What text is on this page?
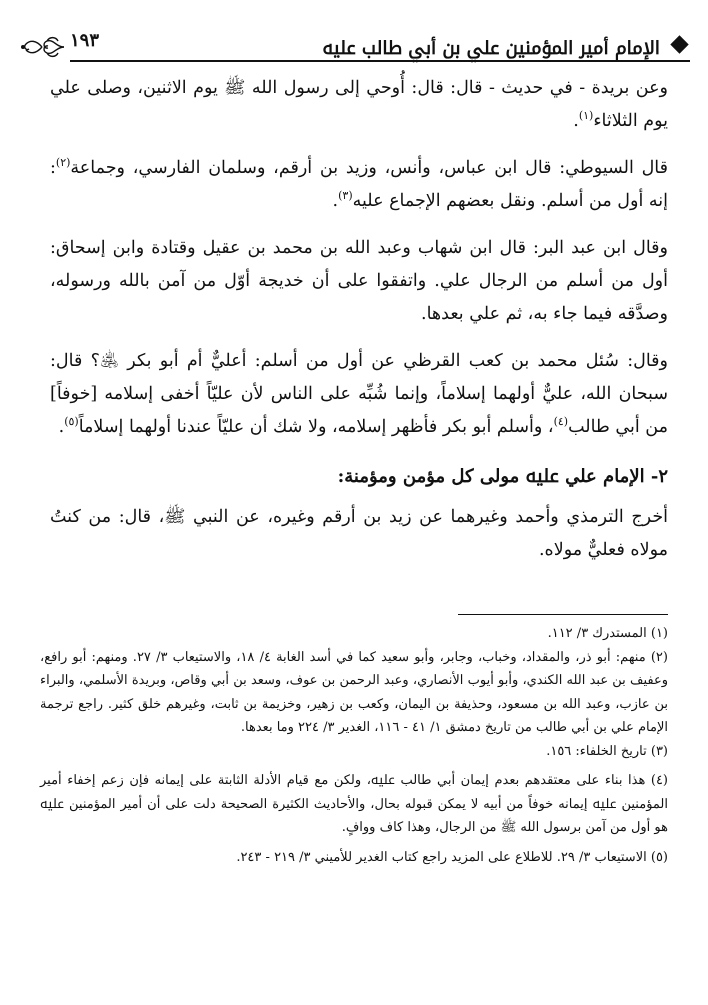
الإمام أمير المؤمنين علي بن أبي طالب ﷷ
١٩٣

وعن بريدة - في حديث - قال: قال: أُوحي إلى رسول الله ﷺ يوم الاثنين، وصلى علي يوم الثلاثاء$^{(١)}$.

قال السيوطي: قال ابن عباس، وأنس، وزيد بن أرقم، وسلمان الفارسي، وجماعة$^{(٢)}$: إنه أول من أسلم. ونقل بعضهم الإجماع عليه$^{(٣)}$.

وقال ابن عبد البر: قال ابن شهاب وعبد الله بن محمد بن عقيل وقتادة وابن إسحاق: أول من أسلم من الرجال علي. واتفقوا على أن خديجة أوّل من آمن بالله ورسوله، وصدَّقه فيما جاء به، ثم علي بعدها.

وقال: سُئل محمد بن كعب القرظي عن أول من أسلم: أعليٌّ أم أبو بكر ﵁؟ قال: سبحان الله، عليٌّ أولهما إسلاماً، وإنما شُبِّه على الناس لأن عليّاً أخفى إسلامه [خوفاً] من أبي طالب$^{(٤)}$، وأسلم أبو بكر فأظهر إسلامه، ولا شك أن عليّاً عندنا أولهما إسلاماً$^{(٥)}$.

٢- الإمام علي ﷷ مولى كل مؤمن ومؤمنة:

أخرج الترمذي وأحمد وغيرهما عن زيد بن أرقم وغيره، عن النبي ﷺ، قال: من كنتُ مولاه فعليٌّ مولاه.

(١) المستدرك ٣/ ١١٢.

(٢) منهم: أبو ذر، والمقداد، وخباب، وجابر، وأبو سعيد كما في أسد الغابة ٤/ ١٨، والاستيعاب ٣/ ٢٧. ومنهم: أبو رافع، وعفيف بن عبد الله الكندي، وأبو أيوب الأنصاري، وعبد الرحمن بن عوف، وسعد بن أبي وقاص، وبريدة الأسلمي، والبراء بن عازب، وعبد الله بن مسعود، وحذيفة بن اليمان، وكعب بن زهير، وخزيمة بن ثابت، وغيرهم خلق كثير. راجع ترجمة الإمام علي بن أبي طالب من تاريخ دمشق ١/ ٤١ - ١١٦، الغدير ٣/ ٢٢٤ وما بعدها.

(٣) تاريخ الخلفاء: ١٥٦.

(٤) هذا بناء على معتقدهم بعدم إيمان أبي طالب ﷷ، ولكن مع قيام الأدلة الثابتة على إيمانه فإن زعم إخفاء أمير المؤمنين ﷷ إيمانه خوفاً من أبيه لا يمكن قبوله بحال، والأحاديث الكثيرة الصحيحة دلت على أن أمير المؤمنين ﷷ هو أول من آمن برسول الله ﷺ من الرجال، وهذا كاف ووافٍ.

(٥) الاستيعاب ٣/ ٢٩. للاطلاع على المزيد راجع كتاب الغدير للأميني ٣/ ٢١٩ - ٢٤٣.
